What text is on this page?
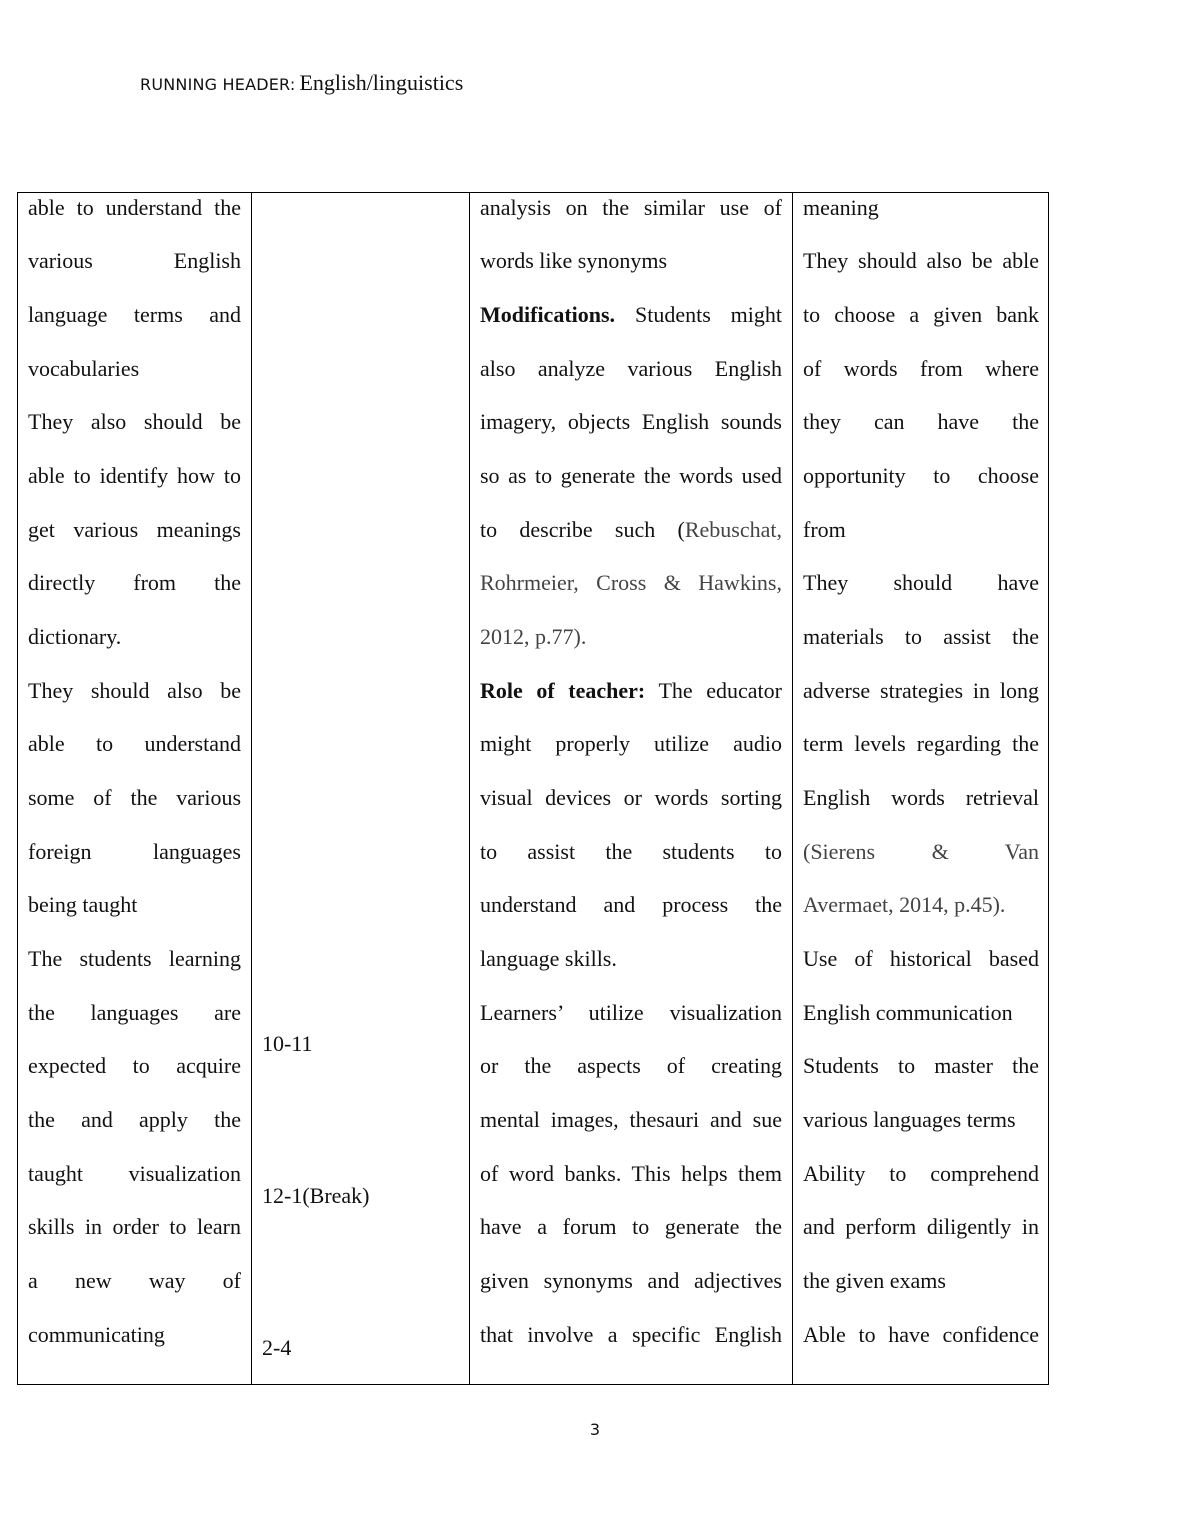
RUNNING HEADER: English/linguistics
able to understand the
various English
language terms and
vocabularies
They also should be
able to identify how to
get various meanings
directly from the
dictionary.
They should also be
able to understand
some of the various
foreign languages
being taught
The students learning
the languages are
expected to acquire
the and apply the
taught visualization
skills in order to learn
a new way of
communicating
10-11
12-1(Break)
2-4
analysis on the similar use of
words like synonyms
Modifications. Students might
also analyze various English
imagery, objects English sounds
so as to generate the words used
to describe such (Rebuschat,
Rohrmeier, Cross & Hawkins,
2012, p.77).
Role of teacher: The educator
might properly utilize audio
visual devices or words sorting
to assist the students to
understand and process the
language skills.
Learners’ utilize visualization
or the aspects of creating
mental images, thesauri and sue
of word banks. This helps them
have a forum to generate the
given synonyms and adjectives
that involve a specific English
meaning
They should also be able
to choose a given bank
of words from where
they can have the
opportunity to choose
from
They should have
materials to assist the
adverse strategies in long
term levels regarding the
English words retrieval
(Sierens & Van
Avermaet, 2014, p.45).
Use of historical based
English communication
Students to master the
various languages terms
Ability to comprehend
and perform diligently in
the given exams
Able to have confidence
3
